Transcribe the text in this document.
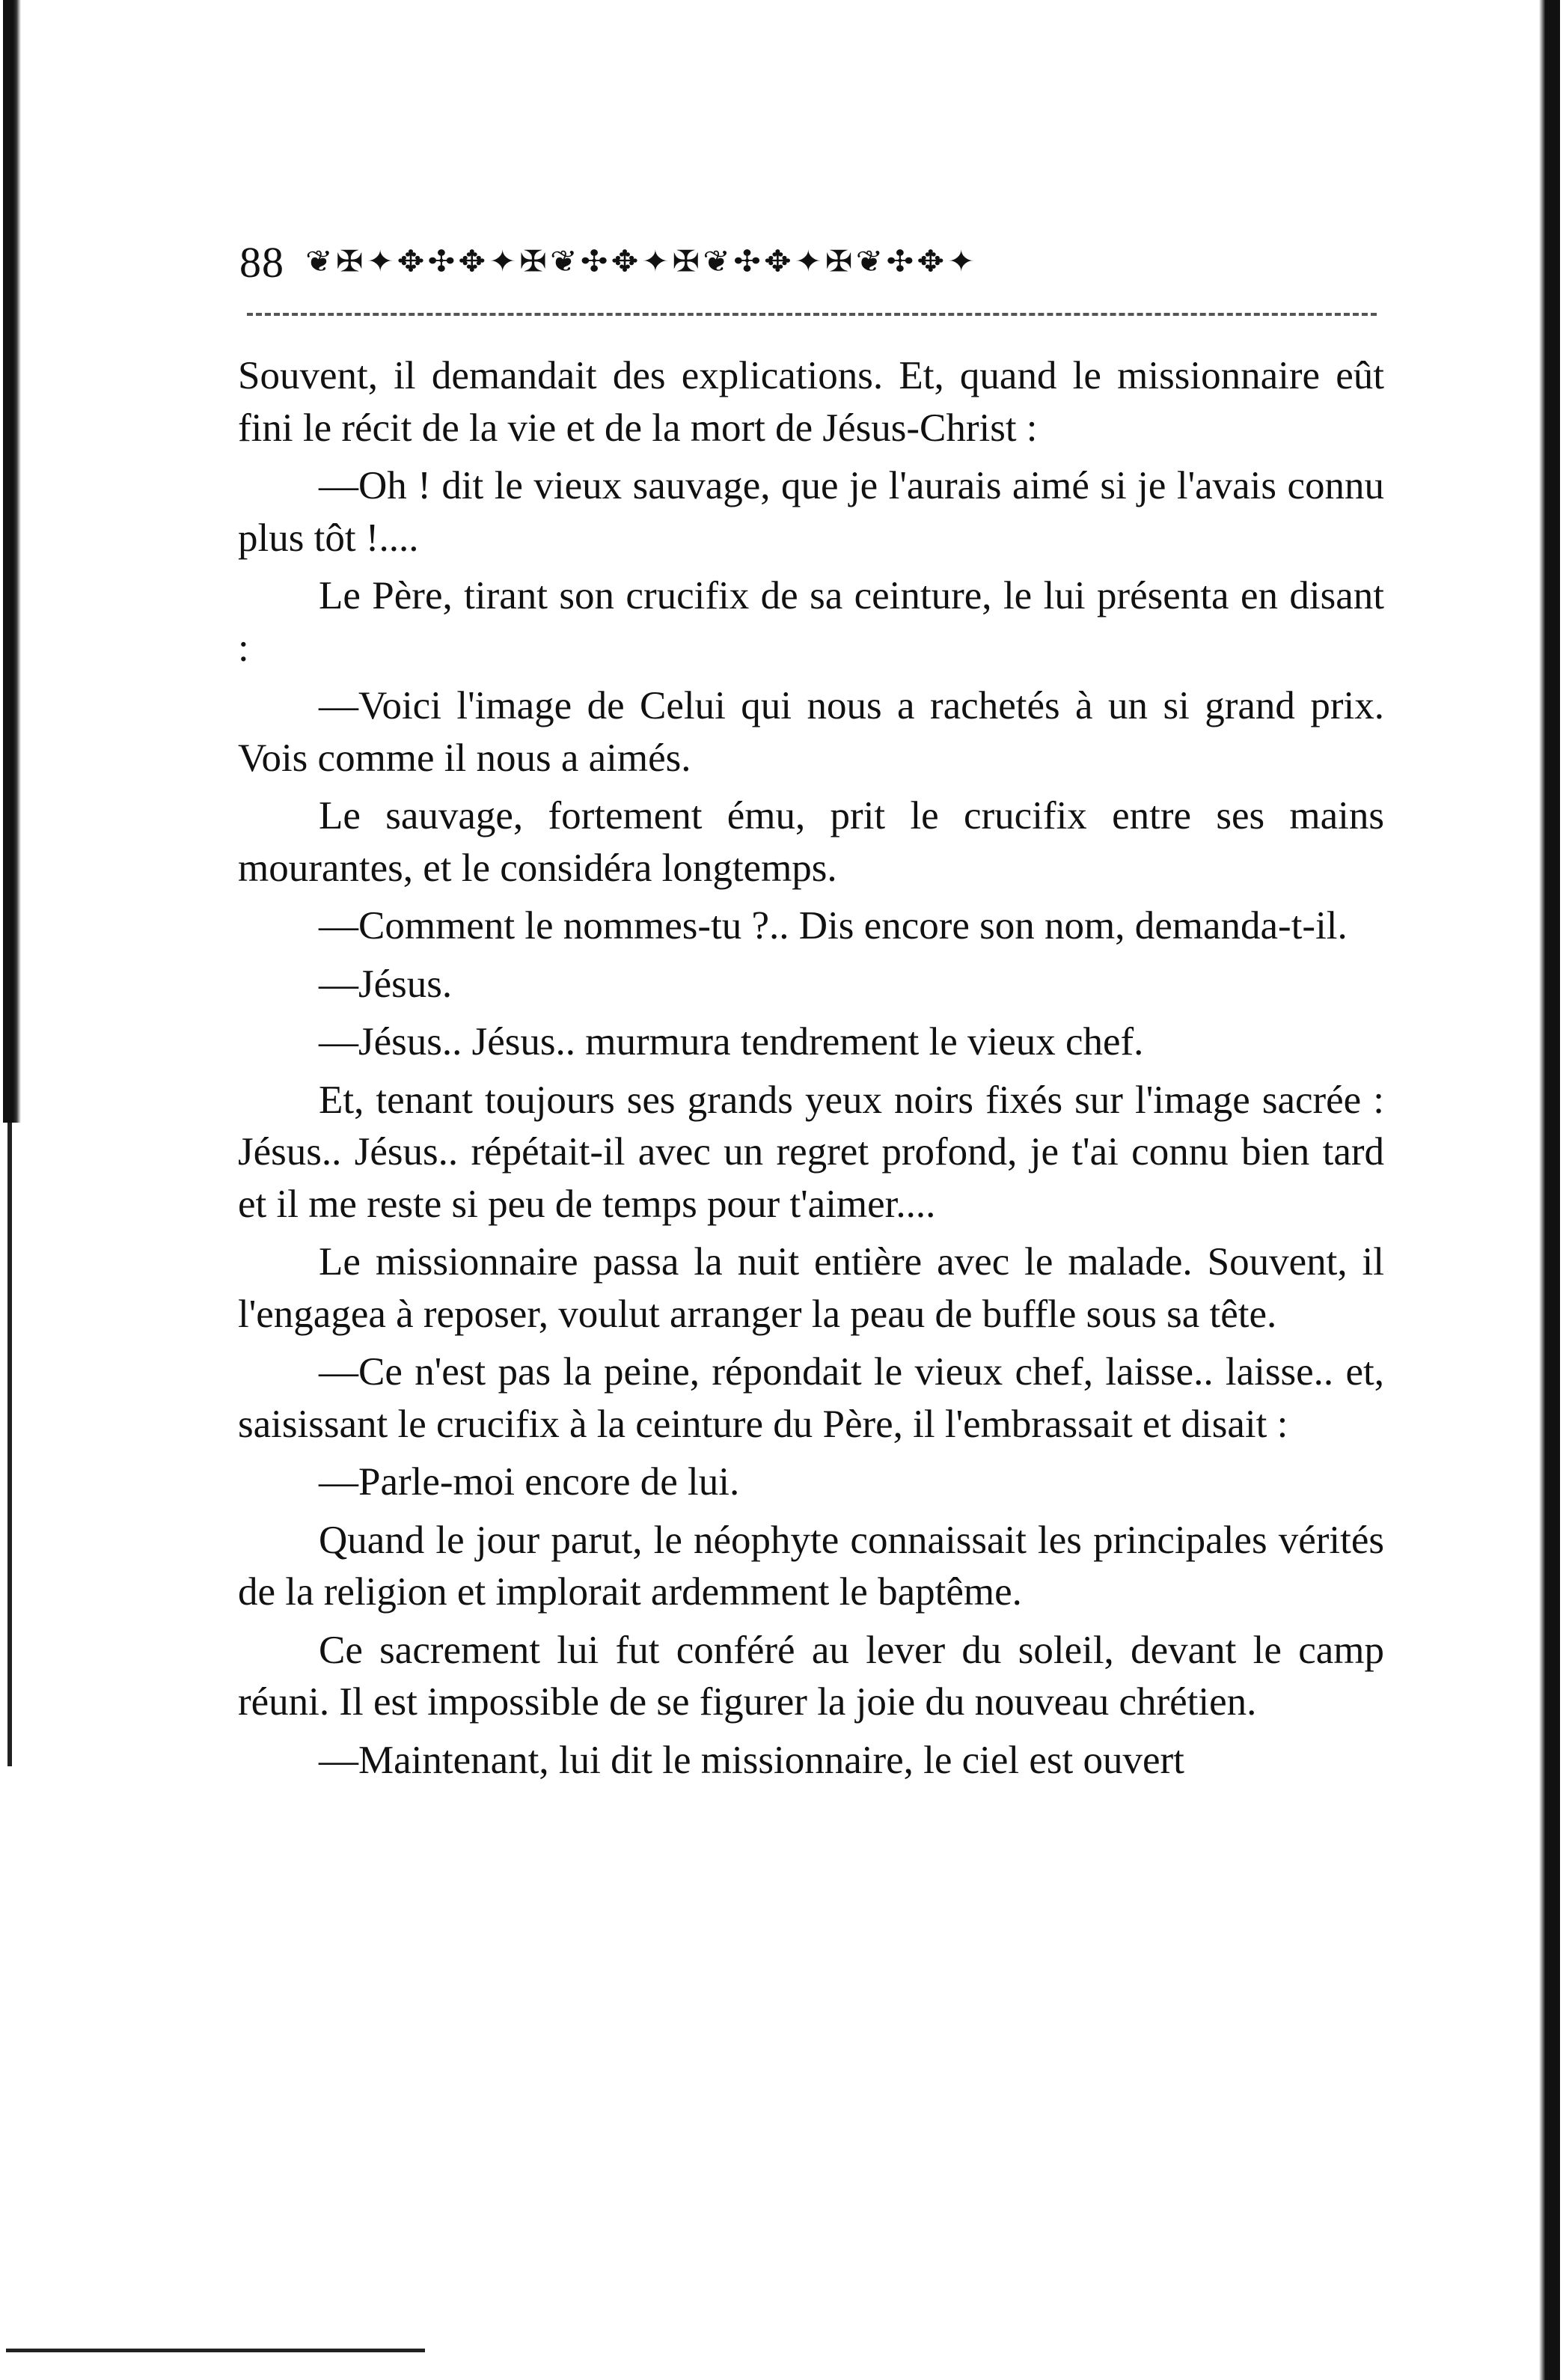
88 ❦✠✦✥✣✥✦✠❦✣✥✦✠❦✣✥✦✠❦✣✥✦

Souvent, il demandait des explications. Et, quand le missionnaire eût fini le récit de la vie et de la mort de Jésus-Christ :

—Oh ! dit le vieux sauvage, que je l'aurais aimé si je l'avais connu plus tôt !....

Le Père, tirant son crucifix de sa ceinture, le lui présenta en disant :

—Voici l'image de Celui qui nous a rachetés à un si grand prix. Vois comme il nous a aimés.

Le sauvage, fortement ému, prit le crucifix entre ses mains mourantes, et le considéra longtemps.

—Comment le nommes-tu ?.. Dis encore son nom, demanda-t-il.

—Jésus.

—Jésus.. Jésus.. murmura tendrement le vieux chef.

Et, tenant toujours ses grands yeux noirs fixés sur l'image sacrée : Jésus.. Jésus.. répétait-il avec un regret profond, je t'ai connu bien tard et il me reste si peu de temps pour t'aimer....

Le missionnaire passa la nuit entière avec le malade. Souvent, il l'engagea à reposer, voulut arranger la peau de buffle sous sa tête.

—Ce n'est pas la peine, répondait le vieux chef, laisse.. laisse.. et, saisissant le crucifix à la ceinture du Père, il l'embrassait et disait :

—Parle-moi encore de lui.

Quand le jour parut, le néophyte connaissait les principales vérités de la religion et implorait ardemment le baptême.

Ce sacrement lui fut conféré au lever du soleil, devant le camp réuni. Il est impossible de se figurer la joie du nouveau chrétien.

—Maintenant, lui dit le missionnaire, le ciel est ouvert
